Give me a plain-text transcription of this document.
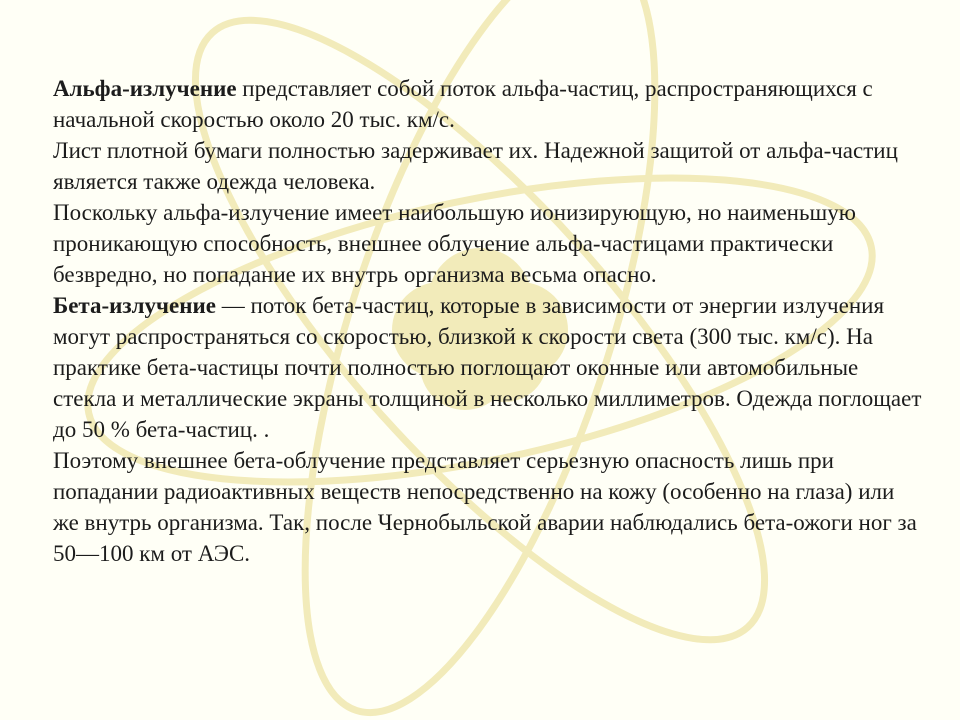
Альфа-излучение представляет собой поток альфа-частиц, распространяющихся с начальной скоростью около 20 тыс. км/с.

Лист плотной бумаги полностью задерживает их. Надежной защитой от альфа-частиц является также одежда человека.

Поскольку альфа-излучение имеет наибольшую ионизирующую, но наименьшую проникающую способность, внешнее облучение альфа-частицами практически безвредно, но попадание их внутрь организма весьма опасно.

Бета-излучение — поток бета-частиц, которые в зависимости от энергии излучения могут распространяться со скоростью, близкой к скорости света (300 тыс. км/с). На практике бета-частицы почти полностью поглощают оконные или автомобильные стекла и металлические экраны толщиной в несколько миллиметров. Одежда поглощает до 50 % бета-частиц. .

Поэтому внешнее бета-облучение представляет серьезную опасность лишь при попадании радиоактивных веществ непосредственно на кожу (особенно на глаза) или же внутрь организма. Так, после Чернобыльской аварии наблюдались бета-ожоги ног за 50—100 км от АЭС.
